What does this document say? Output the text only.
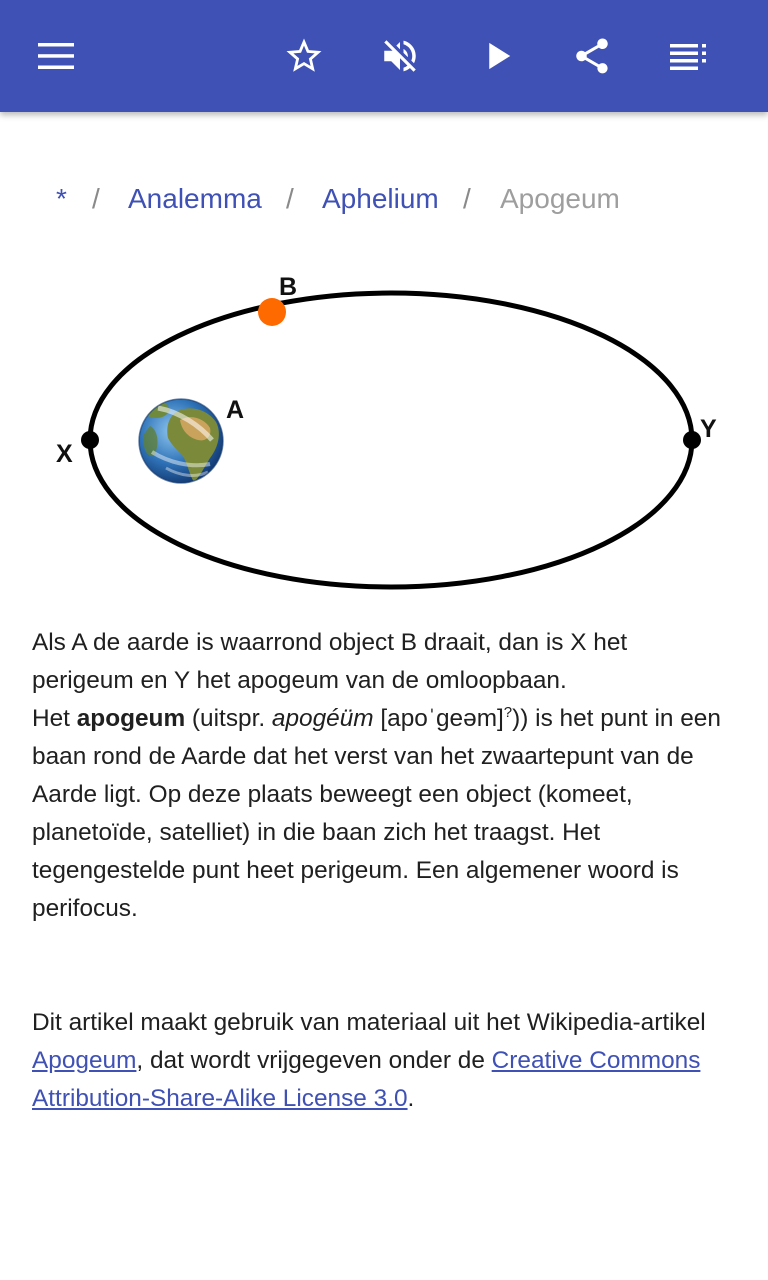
* / Analemma / Aphelium / Apogeum
B
A
X
Y

Als A de aarde is waarrond object B draait, dan is X het perigeum en Y het apogeum van de omloopbaan.

Het apogeum (uitspr. apogéüm [apoˈgeəm]?)) is het punt in een baan rond de Aarde dat het verst van het zwaartepunt van de Aarde ligt. Op deze plaats beweegt een object (komeet, planetoïde, satelliet) in die baan zich het traagst. Het tegengestelde punt heet perigeum. Een algemener woord is perifocus.

Dit artikel maakt gebruik van materiaal uit het Wikipedia-artikel Apogeum, dat wordt vrijgegeven onder de Creative Commons Attribution-Share-Alike License 3.0.
